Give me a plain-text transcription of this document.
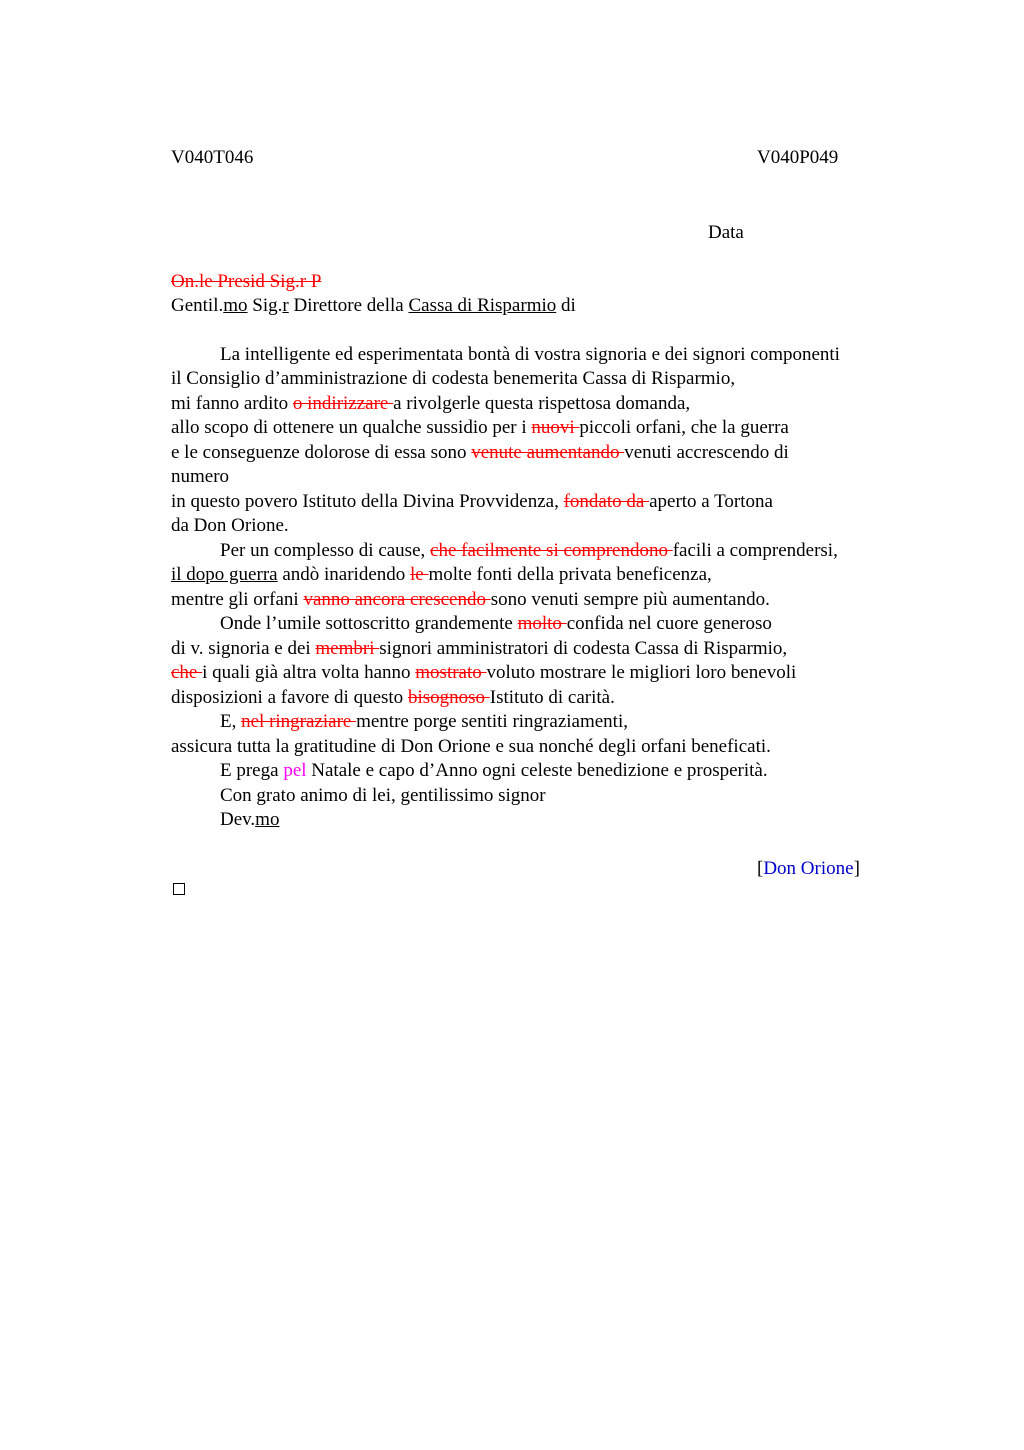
V040T046	V040P049
Data
On.le Presid Sig.r P
Gentil.mo Sig.r Direttore della Cassa di Risparmio di
La intelligente ed esperimentata bontà di vostra signoria e dei signori componenti
il Consiglio d’amministrazione di codesta benemerita Cassa di Risparmio,
mi fanno ardito o indirizzare a rivolgerle questa rispettosa domanda,
allo scopo di ottenere un qualche sussidio per i nuovi piccoli orfani, che la guerra
e le conseguenze dolorose di essa sono venute aumentando venuti accrescendo di
numero
in questo povero Istituto della Divina Provvidenza, fondato da aperto a Tortona
da Don Orione.
Per un complesso di cause, che facilmente si comprendono facili a comprendersi,
il dopo guerra andò inaridendo le molte fonti della privata beneficenza,
mentre gli orfani vanno ancora crescendo sono venuti sempre più aumentando.
Onde l’umile sottoscritto grandemente molto confida nel cuore generoso
di v. signoria e dei membri signori amministratori di codesta Cassa di Risparmio,
che i quali già altra volta hanno mostrato voluto mostrare le migliori loro benevoli
disposizioni a favore di questo bisognoso Istituto di carità.
E, nel ringraziare mentre porge sentiti ringraziamenti,
assicura tutta la gratitudine di Don Orione e sua nonché degli orfani beneficati.
E prega pel Natale e capo d’Anno ogni celeste benedizione e prosperità.
Con grato animo di lei, gentilissimo signor
Dev.mo
[Don Orione]
